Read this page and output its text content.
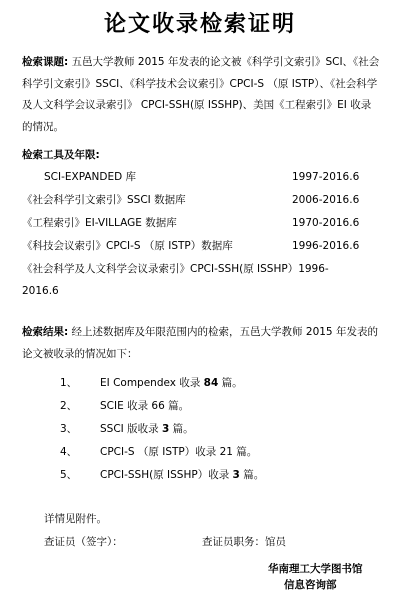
论文收录检索证明
检索课题: 五邑大学教师 2015 年发表的论文被《科学引文索引》SCI、《社会科学引文索引》SSCI、《科学技术会议索引》CPCI-S （原 ISTP）、《社会科学及人文科学会议录索引》 CPCI-SSH(原 ISSHP)、美国《工程索引》EI 收录的情况。
检索工具及年限:
SCI-EXPANDED 库	1997-2016.6
《社会科学引文索引》SSCI 数据库	2006-2016.6
《工程索引》EI-VILLAGE 数据库	1970-2016.6
《科技会议索引》CPCI-S （原 ISTP）数据库	1996-2016.6
《社会科学及人文科学会议录索引》CPCI-SSH(原 ISSHP）1996-
2016.6
检索结果: 经上述数据库及年限范围内的检索，五邑大学教师 2015 年发表的论文被收录的情况如下：
1、 EI Compendex 收录 84 篇。
2、 SCIE 收录 66 篇。
3、 SSCI 版收录 3 篇。
4、 CPCI-S （原 ISTP）收录 21 篇。
5、 CPCI-SSH(原 ISSHP）收录 3 篇。
详情见附件。
查证员（签字）：	查证员职务：馆员
华南理工大学图书馆
信息咨询部
